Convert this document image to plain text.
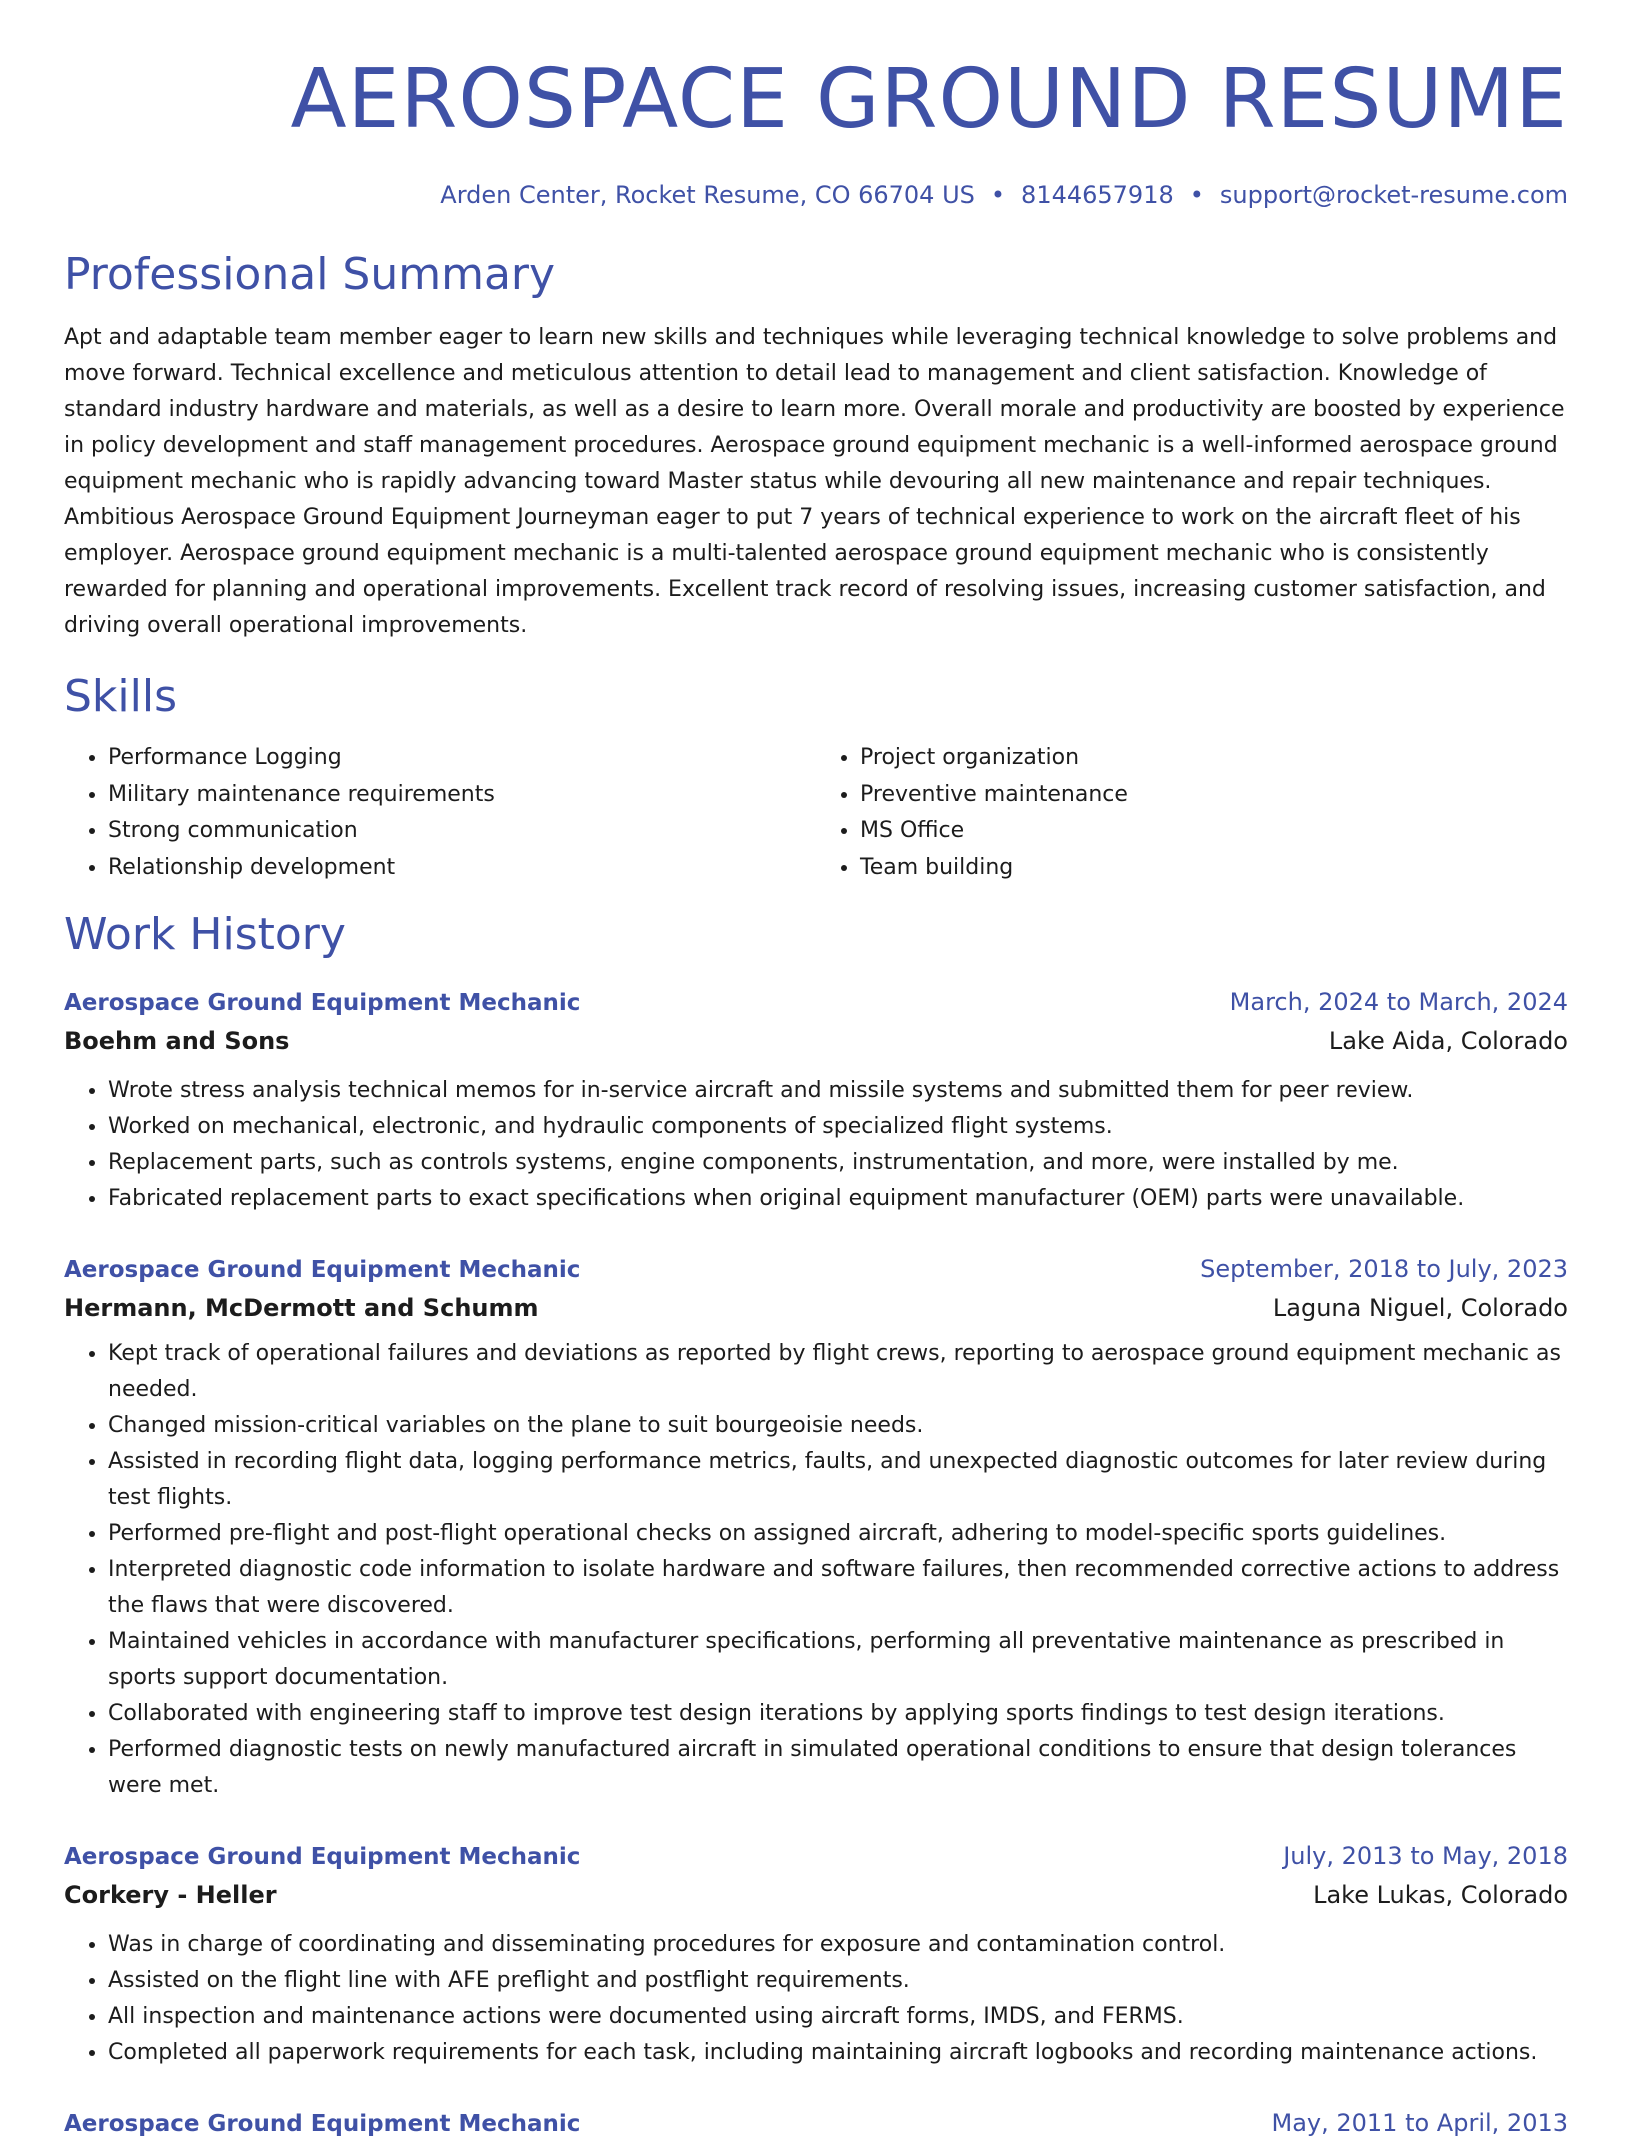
AEROSPACE GROUND RESUME
Arden Center, Rocket Resume, CO 66704 US • 8144657918 • support@rocket-resume.com
Professional Summary

Apt and adaptable team member eager to learn new skills and techniques while leveraging technical knowledge to solve problems and move forward. Technical excellence and meticulous attention to detail lead to management and client satisfaction. Knowledge of standard industry hardware and materials, as well as a desire to learn more. Overall morale and productivity are boosted by experience in policy development and staff management procedures. Aerospace ground equipment mechanic is a well-informed aerospace ground equipment mechanic who is rapidly advancing toward Master status while devouring all new maintenance and repair techniques. Ambitious Aerospace Ground Equipment Journeyman eager to put 7 years of technical experience to work on the aircraft fleet of his employer. Aerospace ground equipment mechanic is a multi-talented aerospace ground equipment mechanic who is consistently rewarded for planning and operational improvements. Excellent track record of resolving issues, increasing customer satisfaction, and driving overall operational improvements.

Skills
• Performance Logging
• Military maintenance requirements
• Strong communication
• Relationship development
• Project organization
• Preventive maintenance
• MS Office
• Team building
Work History
Aerospace Ground Equipment Mechanic	March, 2024 to March, 2024
Boehm and Sons	Lake Aida, Colorado
• Wrote stress analysis technical memos for in-service aircraft and missile systems and submitted them for peer review.
• Worked on mechanical, electronic, and hydraulic components of specialized flight systems.
• Replacement parts, such as controls systems, engine components, instrumentation, and more, were installed by me.
• Fabricated replacement parts to exact specifications when original equipment manufacturer (OEM) parts were unavailable.
Aerospace Ground Equipment Mechanic	September, 2018 to July, 2023
Hermann, McDermott and Schumm	Laguna Niguel, Colorado
• Kept track of operational failures and deviations as reported by flight crews, reporting to aerospace ground equipment mechanic as needed.
• Changed mission-critical variables on the plane to suit bourgeoisie needs.
• Assisted in recording flight data, logging performance metrics, faults, and unexpected diagnostic outcomes for later review during test flights.
• Performed pre-flight and post-flight operational checks on assigned aircraft, adhering to model-specific sports guidelines.
• Interpreted diagnostic code information to isolate hardware and software failures, then recommended corrective actions to address the flaws that were discovered.
• Maintained vehicles in accordance with manufacturer specifications, performing all preventative maintenance as prescribed in sports support documentation.
• Collaborated with engineering staff to improve test design iterations by applying sports findings to test design iterations.
• Performed diagnostic tests on newly manufactured aircraft in simulated operational conditions to ensure that design tolerances were met.
Aerospace Ground Equipment Mechanic	July, 2013 to May, 2018
Corkery - Heller	Lake Lukas, Colorado
• Was in charge of coordinating and disseminating procedures for exposure and contamination control.
• Assisted on the flight line with AFE preflight and postflight requirements.
• All inspection and maintenance actions were documented using aircraft forms, IMDS, and FERMS.
• Completed all paperwork requirements for each task, including maintaining aircraft logbooks and recording maintenance actions.
Aerospace Ground Equipment Mechanic	May, 2011 to April, 2013
